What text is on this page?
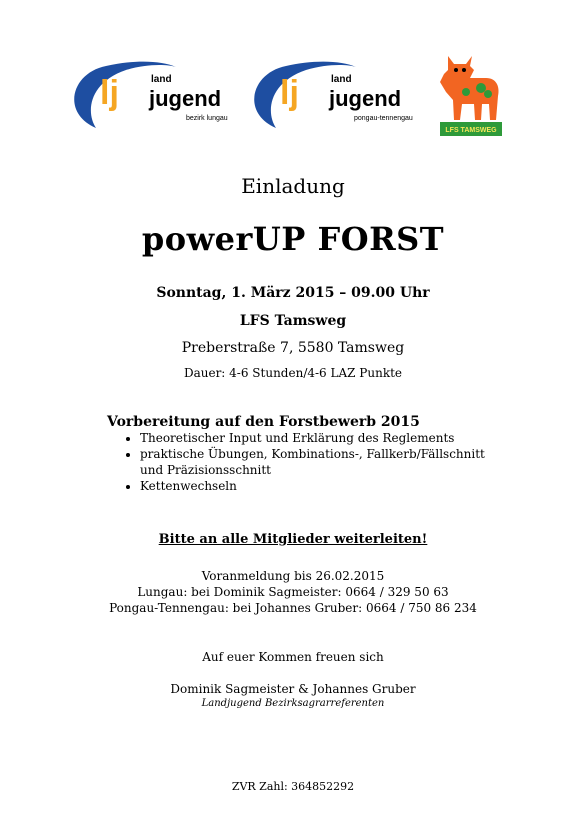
lj	land
jugend
bezirk lungau
lj	land
jugend
pongau-tennengau
LFS TAMSWEG
Einladung
powerUP FORST
Sonntag, 1. März 2015 – 09.00 Uhr
LFS Tamsweg
Preberstraße 7, 5580 Tamsweg
Dauer: 4-6 Stunden/4-6 LAZ Punkte
Vorbereitung auf den Forstbewerb 2015
• Theoretischer Input und Erklärung des Reglements
• praktische Übungen, Kombinations-, Fallkerb/Fällschnitt und Präzisionsschnitt
• Kettenwechseln
Bitte an alle Mitglieder weiterleiten!
Voranmeldung bis 26.02.2015
Lungau: bei Dominik Sagmeister: 0664 / 329 50 63
Pongau-Tennengau: bei Johannes Gruber: 0664 / 750 86 234
Auf euer Kommen freuen sich
Dominik Sagmeister & Johannes Gruber
Landjugend Bezirksagrarreferenten
ZVR Zahl: 364852292
